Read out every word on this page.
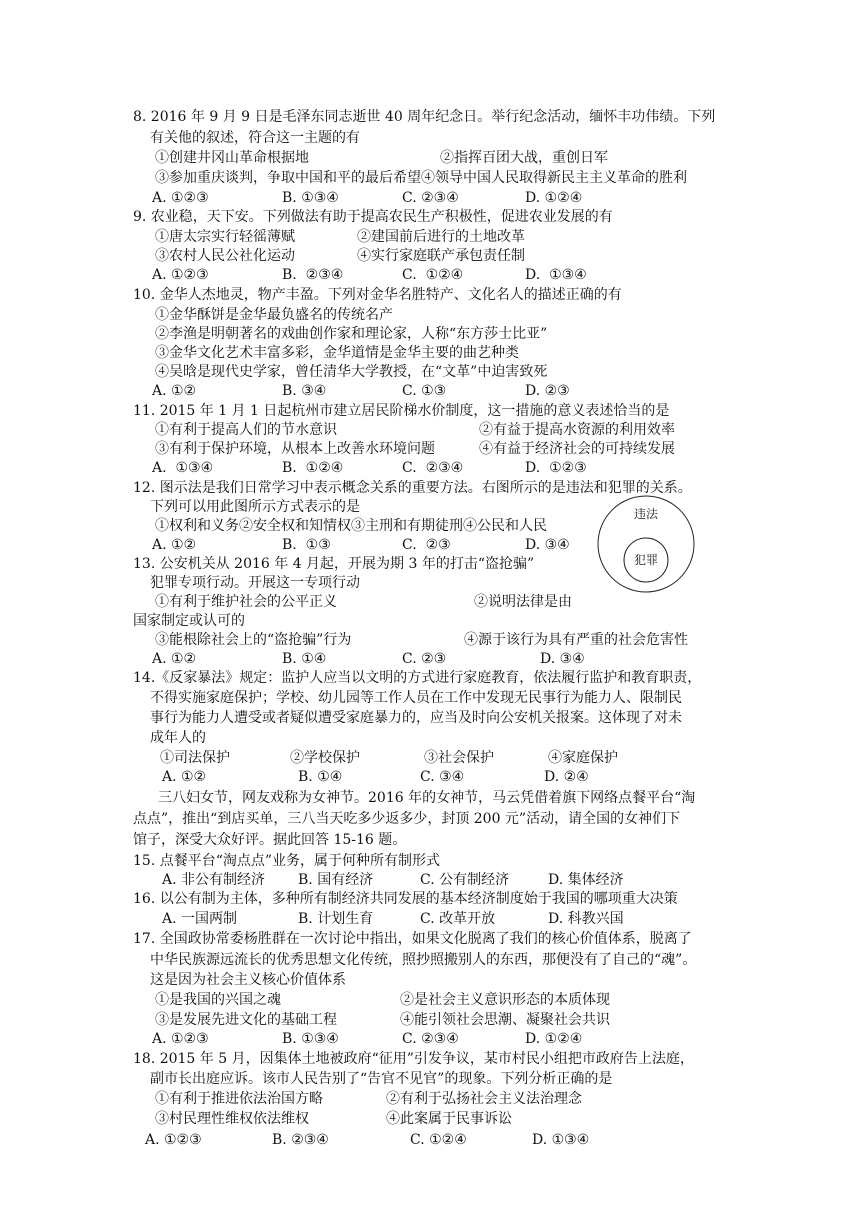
8. 2016 年 9 月 9 日是毛泽东同志逝世 40 周年纪念日。举行纪念活动，缅怀丰功伟绩。下列
有关他的叙述，符合这一主题的有
①创建井冈山革命根据地	②指挥百团大战，重创日军
③参加重庆谈判，争取中国和平的最后希望④领导中国人民取得新民主主义革命的胜利
A. ①②③	B. ①③④	C. ②③④	D. ①②④
9. 农业稳，天下安。下列做法有助于提高农民生产积极性，促进农业发展的有
①唐太宗实行轻徭薄赋	②建国前后进行的土地改革
③农村人民公社化运动	④实行家庭联产承包责任制
A. ①②③	B.  ②③④	C.  ①②④	D.  ①③④
10. 金华人杰地灵，物产丰盈。下列对金华名胜特产、文化名人的描述正确的有
①金华酥饼是金华最负盛名的传统名产
②李渔是明朝著名的戏曲创作家和理论家，人称“东方莎士比亚”
③金华文化艺术丰富多彩，金华道情是金华主要的曲艺种类
④吴晗是现代史学家，曾任清华大学教授，在“文革”中迫害致死
A. ①②	B. ③④	C. ①③	D. ②③
11. 2015 年 1 月 1 日起杭州市建立居民阶梯水价制度，这一措施的意义表述恰当的是
①有利于提高人们的节水意识	②有益于提高水资源的利用效率
③有利于保护环境，从根本上改善水环境问题	④有益于经济社会的可持续发展
A.  ①③④	B.  ①②④	C.  ②③④	D.  ①②③
12. 图示法是我们日常学习中表示概念关系的重要方法。右图所示的是违法和犯罪的关系。
下列可以用此图所示方式表示的是
①权利和义务②安全权和知情权③主刑和有期徒刑④公民和人民
A. ①②	B.  ①③	C.  ②③	D. ③④
违法
犯罪
13. 公安机关从 2016 年 4 月起，开展为期 3 年的打击“盗抢骗”
犯罪专项行动。开展这一专项行动
①有利于维护社会的公平正义	②说明法律是由
国家制定或认可的
③能根除社会上的“盗抢骗”行为	④源于该行为具有严重的社会危害性
A. ①②	B. ①④	C. ②③	D. ③④
14.《反家暴法》规定：监护人应当以文明的方式进行家庭教育，依法履行监护和教育职责，
不得实施家庭保护；学校、幼儿园等工作人员在工作中发现无民事行为能力人、限制民
事行为能力人遭受或者疑似遭受家庭暴力的，应当及时向公安机关报案。这体现了对未
成年人的
①司法保护	②学校保护	③社会保护	④家庭保护
A. ①②	B. ①④	C. ③④	D. ②④
三八妇女节，网友戏称为女神节。2016 年的女神节，马云凭借着旗下网络点餐平台“淘
点点”，推出“到店买单，三八当天吃多少返多少，封顶 200 元”活动，请全国的女神们下
馆子，深受大众好评。据此回答 15-16 题。
15. 点餐平台“淘点点”业务，属于何种所有制形式
A. 非公有制经济 B. 国有经济	C. 公有制经济	D. 集体经济
16. 以公有制为主体，多种所有制经济共同发展的基本经济制度始于我国的哪项重大决策
A. 一国两制	B. 计划生育	C. 改革开放	D. 科教兴国
17. 全国政协常委杨胜群在一次讨论中指出，如果文化脱离了我们的核心价值体系，脱离了
中华民族源远流长的优秀思想文化传统，照抄照搬别人的东西，那便没有了自己的“魂”。
这是因为社会主义核心价值体系
①是我国的兴国之魂	②是社会主义意识形态的本质体现
③是发展先进文化的基础工程	④能引领社会思潮、凝聚社会共识
A. ①②③	B. ①③④	C. ②③④	D. ①②④
18. 2015 年 5 月，因集体土地被政府“征用”引发争议，某市村民小组把市政府告上法庭，
副市长出庭应诉。该市人民告别了“告官不见官”的现象。下列分析正确的是
①有利于推进依法治国方略	②有利于弘扬社会主义法治理念
③村民理性维权依法维权	④此案属于民事诉讼
A. ①②③	B. ②③④	C. ①②④	D. ①③④
